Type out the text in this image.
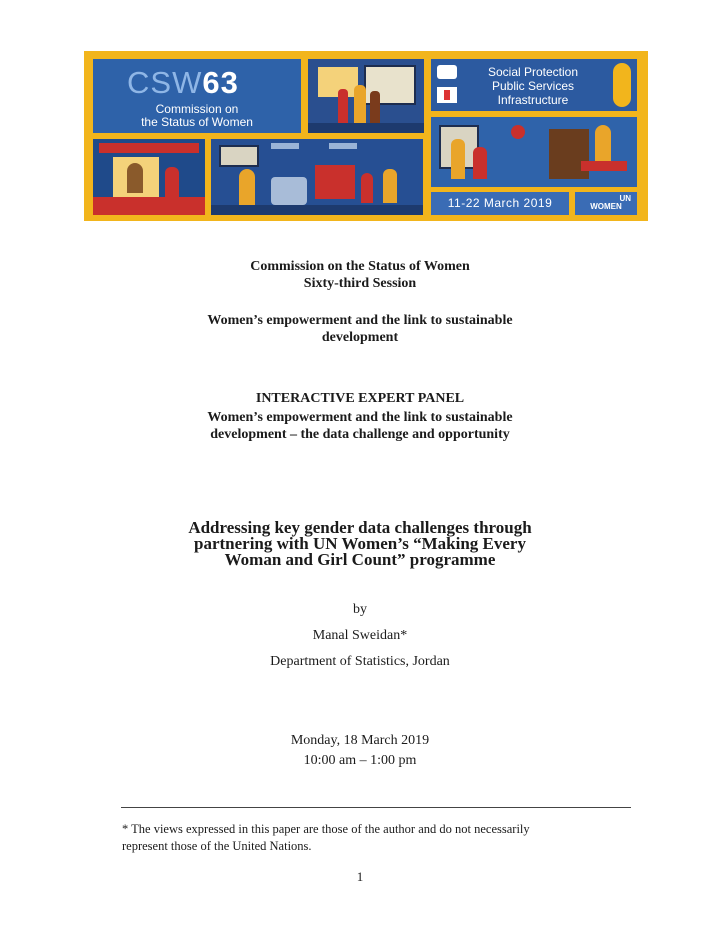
CSW63
Commission on
the Status of Women
Social Protection
Public Services
Infrastructure
11-22 March 2019	UN
WOMEN
Commission on the Status of Women
Sixty-third Session
Women’s empowerment and the link to sustainable
development
INTERACTIVE EXPERT PANEL
Women’s empowerment and the link to sustainable
development – the data challenge and opportunity
Addressing key gender data challenges through
partnering with UN Women’s “Making Every
Woman and Girl Count” programme
by
Manal Sweidan*
Department of Statistics, Jordan
Monday, 18 March 2019
10:00 am – 1:00 pm
* The views expressed in this paper are those of the author and do not necessarily
represent those of the United Nations.
1
